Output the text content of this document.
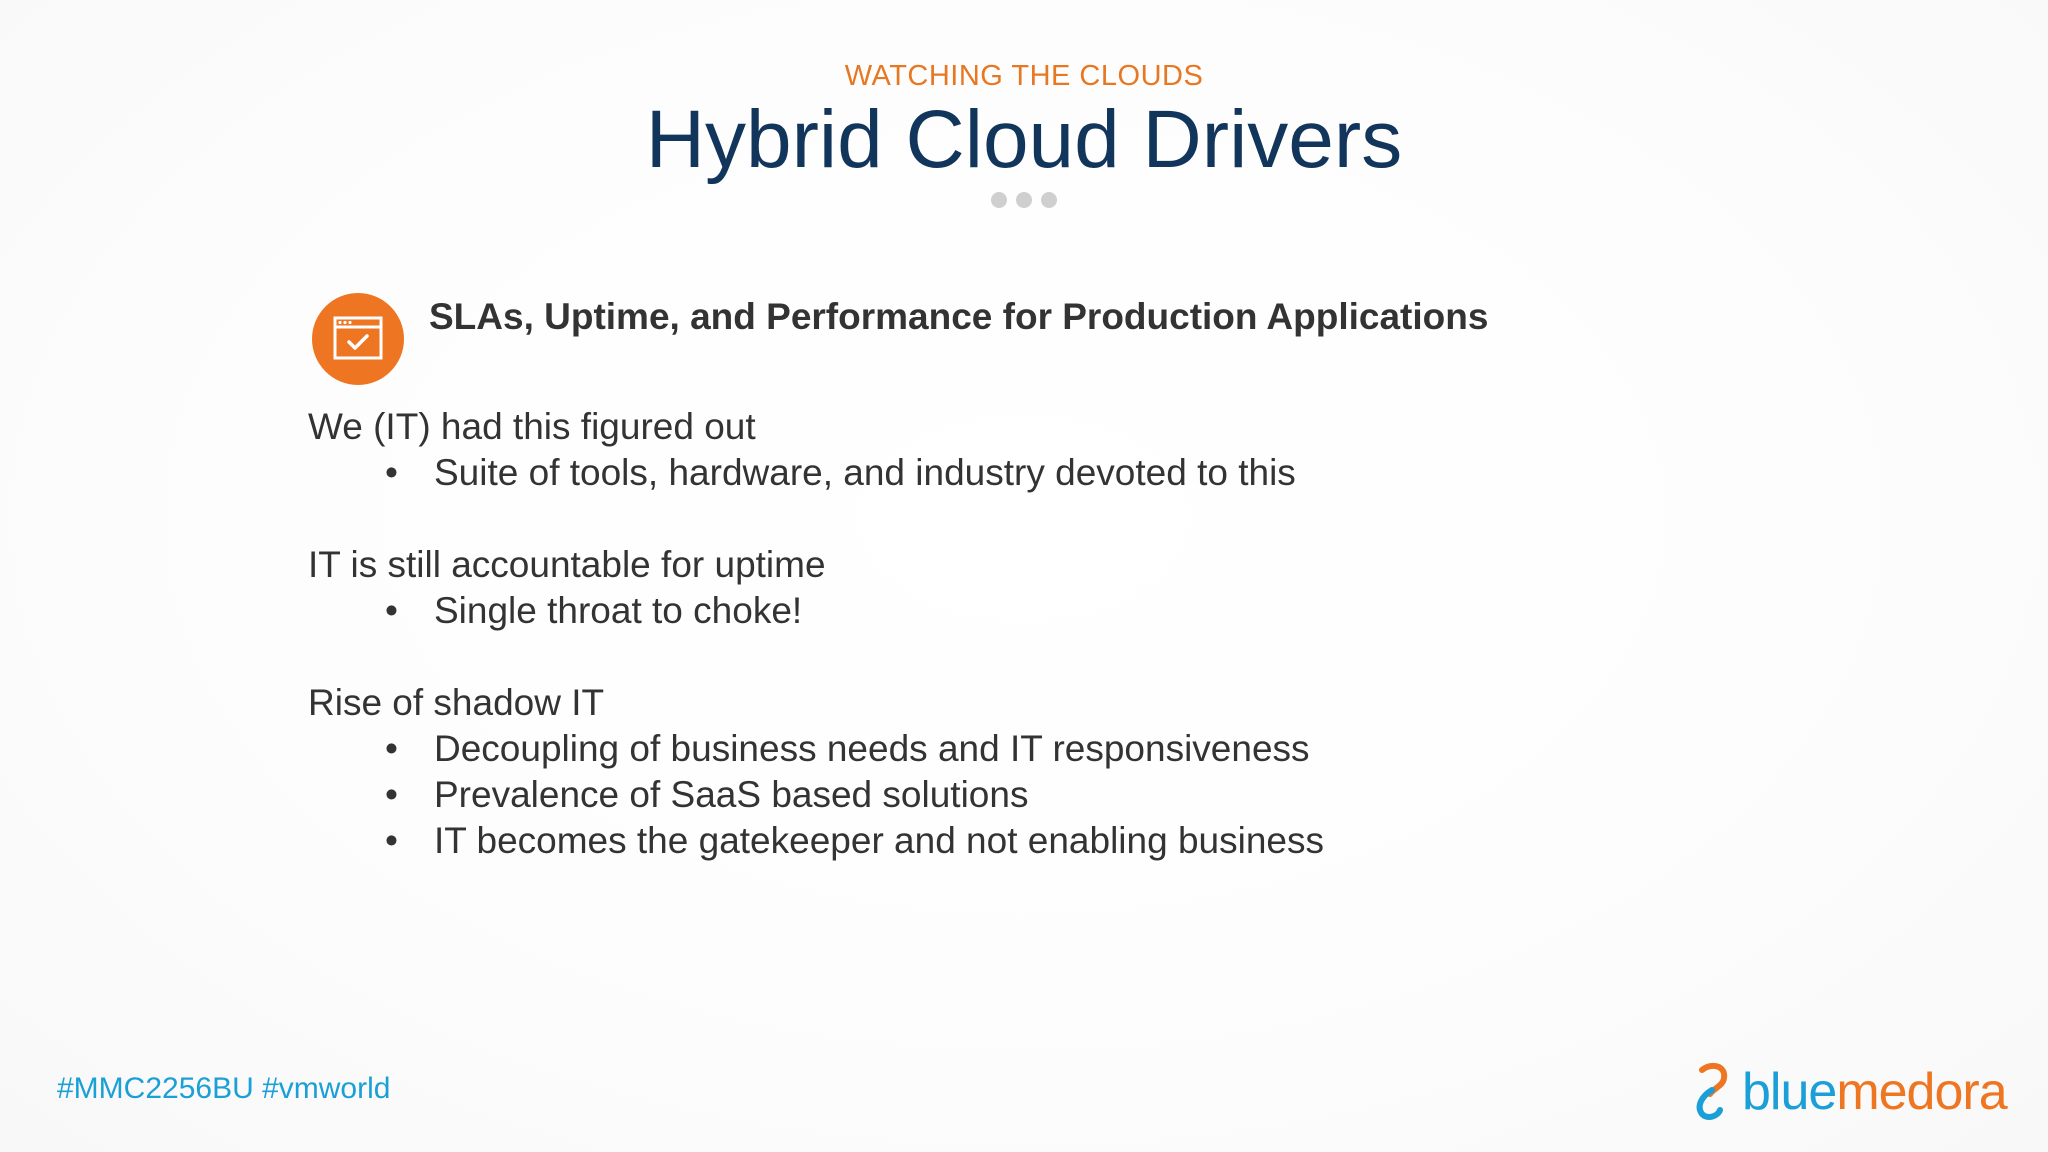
WATCHING THE CLOUDS
Hybrid Cloud Drivers
SLAs, Uptime, and Performance for Production Applications
We (IT) had this figured out
• Suite of tools, hardware, and industry devoted to this
IT is still accountable for uptime
• Single throat to choke!
Rise of shadow IT
• Decoupling of business needs and IT responsiveness
• Prevalence of SaaS based solutions
• IT becomes the gatekeeper and not enabling business
#MMC2256BU #vmworld	bluemedora
